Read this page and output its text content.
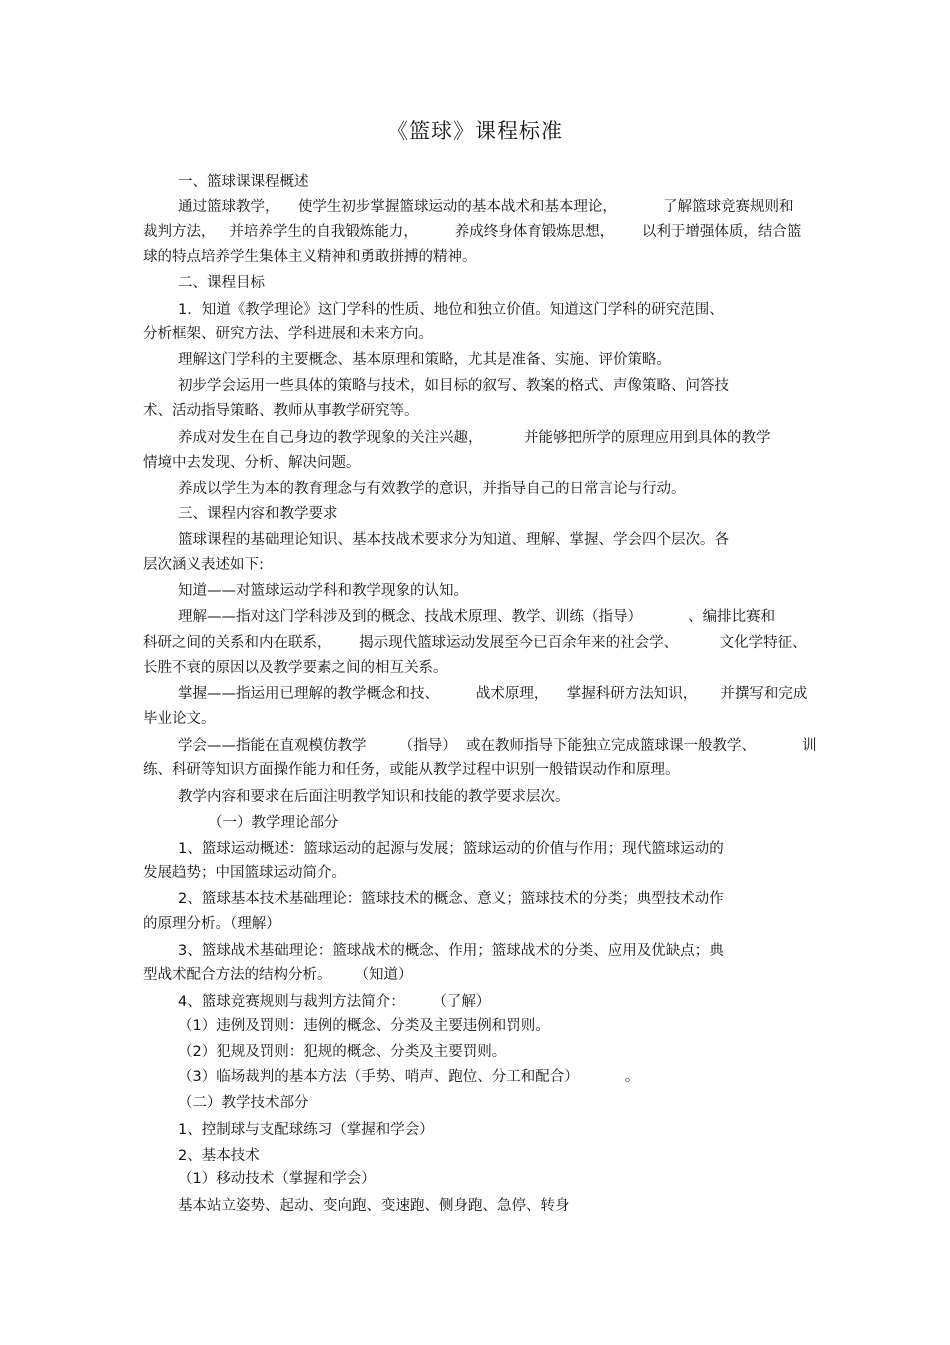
《篮球》课程标准
一、篮球课课程概述
通过篮球教学，    使学生初步掌握篮球运动的基本战术和基本理论，          了解篮球竞赛规则和
裁判方法，   并培养学生的自我锻炼能力，        养成终身体育锻炼思想，      以利于增强体质，结合篮
球的特点培养学生集体主义精神和勇敢拼搏的精神。
二、课程目标
1．知道《教学理论》这门学科的性质、地位和独立价值。知道这门学科的研究范围、
分析框架、研究方法、学科进展和未来方向。
理解这门学科的主要概念、基本原理和策略，尤其是准备、实施、评价策略。
初步学会运用一些具体的策略与技术，如目标的叙写、教案的格式、声像策略、问答技
术、活动指导策略、教师从事教学研究等。
养成对发生在自己身边的教学现象的关注兴趣，         并能够把所学的原理应用到具体的教学
情境中去发现、分析、解决问题。
养成以学生为本的教育理念与有效教学的意识，并指导自己的日常言论与行动。
三、课程内容和教学要求
篮球课程的基础理论知识、基本技战术要求分为知道、理解、掌握、学会四个层次。各
层次涵义表述如下:
知道——对篮球运动学科和教学现象的认知。
理解——指对这门学科涉及到的概念、技战术原理、教学、训练（指导）          、编排比赛和
科研之间的关系和内在联系，      揭示现代篮球运动发展至今已百余年来的社会学、         文化学特征、
长胜不衰的原因以及教学要素之间的相互关系。
掌握——指运用已理解的教学概念和技、        战术原理，    掌握科研方法知识，     并撰写和完成
毕业论文。
学会——指能在直观模仿教学       （指导）  或在教师指导下能独立完成篮球课一般教学、          训
练、科研等知识方面操作能力和任务，或能从教学过程中识别一般错误动作和原理。
教学内容和要求在后面注明教学知识和技能的教学要求层次。
（一）教学理论部分
1、篮球运动概述：篮球运动的起源与发展；篮球运动的价值与作用；现代篮球运动的
发展趋势；中国篮球运动简介。
2、篮球基本技术基础理论：篮球技术的概念、意义；篮球技术的分类；典型技术动作
的原理分析。（理解）
3、篮球战术基础理论：篮球战术的概念、作用；篮球战术的分类、应用及优缺点；典
型战术配合方法的结构分析。     （知道）
4、篮球竞赛规则与裁判方法简介：      （了解）
（1）违例及罚则：违例的概念、分类及主要违例和罚则。
（2）犯规及罚则：犯规的概念、分类及主要罚则。
（3）临场裁判的基本方法（手势、哨声、跑位、分工和配合）          。
（二）教学技术部分
1、控制球与支配球练习（掌握和学会）
2、基本技术
（1）移动技术（掌握和学会）
基本站立姿势、起动、变向跑、变速跑、侧身跑、急停、转身
